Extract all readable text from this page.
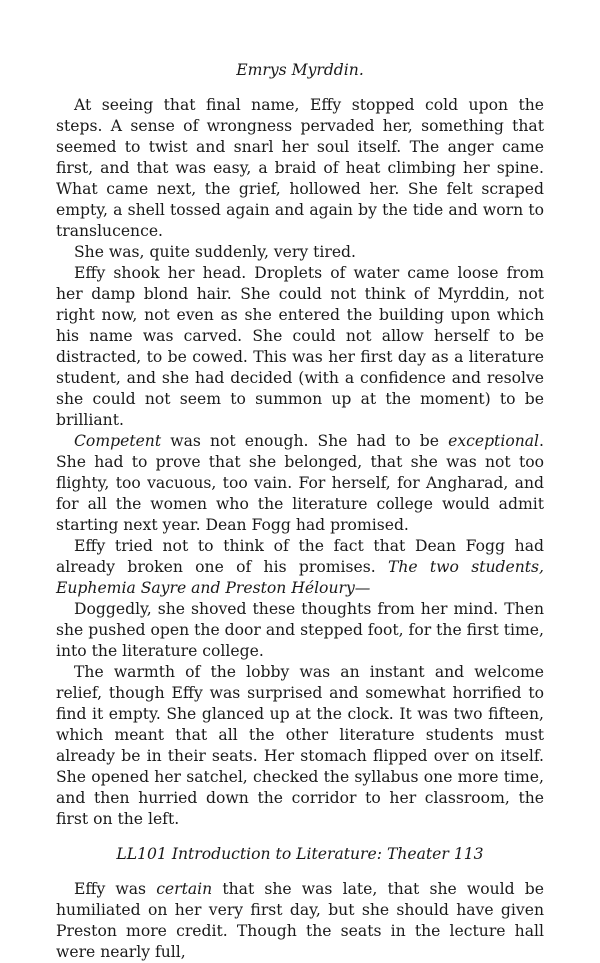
Emrys Myrddin.

At seeing that final name, Effy stopped cold upon the steps. A sense of wrongness pervaded her, something that seemed to twist and snarl her soul itself. The anger came first, and that was easy, a braid of heat climbing her spine. What came next, the grief, hollowed her. She felt scraped empty, a shell tossed again and again by the tide and worn to translucence.

She was, quite suddenly, very tired.

Effy shook her head. Droplets of water came loose from her damp blond hair. She could not think of Myrddin, not right now, not even as she entered the building upon which his name was carved. She could not allow herself to be distracted, to be cowed. This was her first day as a literature student, and she had decided (with a confidence and resolve she could not seem to summon up at the moment) to be brilliant.

Competent was not enough. She had to be exceptional. She had to prove that she belonged, that she was not too flighty, too vacuous, too vain. For herself, for Angharad, and for all the women who the literature college would admit starting next year. Dean Fogg had promised.

Effy tried not to think of the fact that Dean Fogg had already broken one of his promises. The two students, Euphemia Sayre and Preston Héloury—

Doggedly, she shoved these thoughts from her mind. Then she pushed open the door and stepped foot, for the first time, into the literature college.

The warmth of the lobby was an instant and welcome relief, though Effy was surprised and somewhat horrified to find it empty. She glanced up at the clock. It was two fifteen, which meant that all the other literature students must already be in their seats. Her stomach flipped over on itself. She opened her satchel, checked the syllabus one more time, and then hurried down the corridor to her classroom, the first on the left.

LL101 Introduction to Literature: Theater 113

Effy was certain that she was late, that she would be humiliated on her very first day, but she should have given Preston more credit. Though the seats in the lecture hall were nearly full,
